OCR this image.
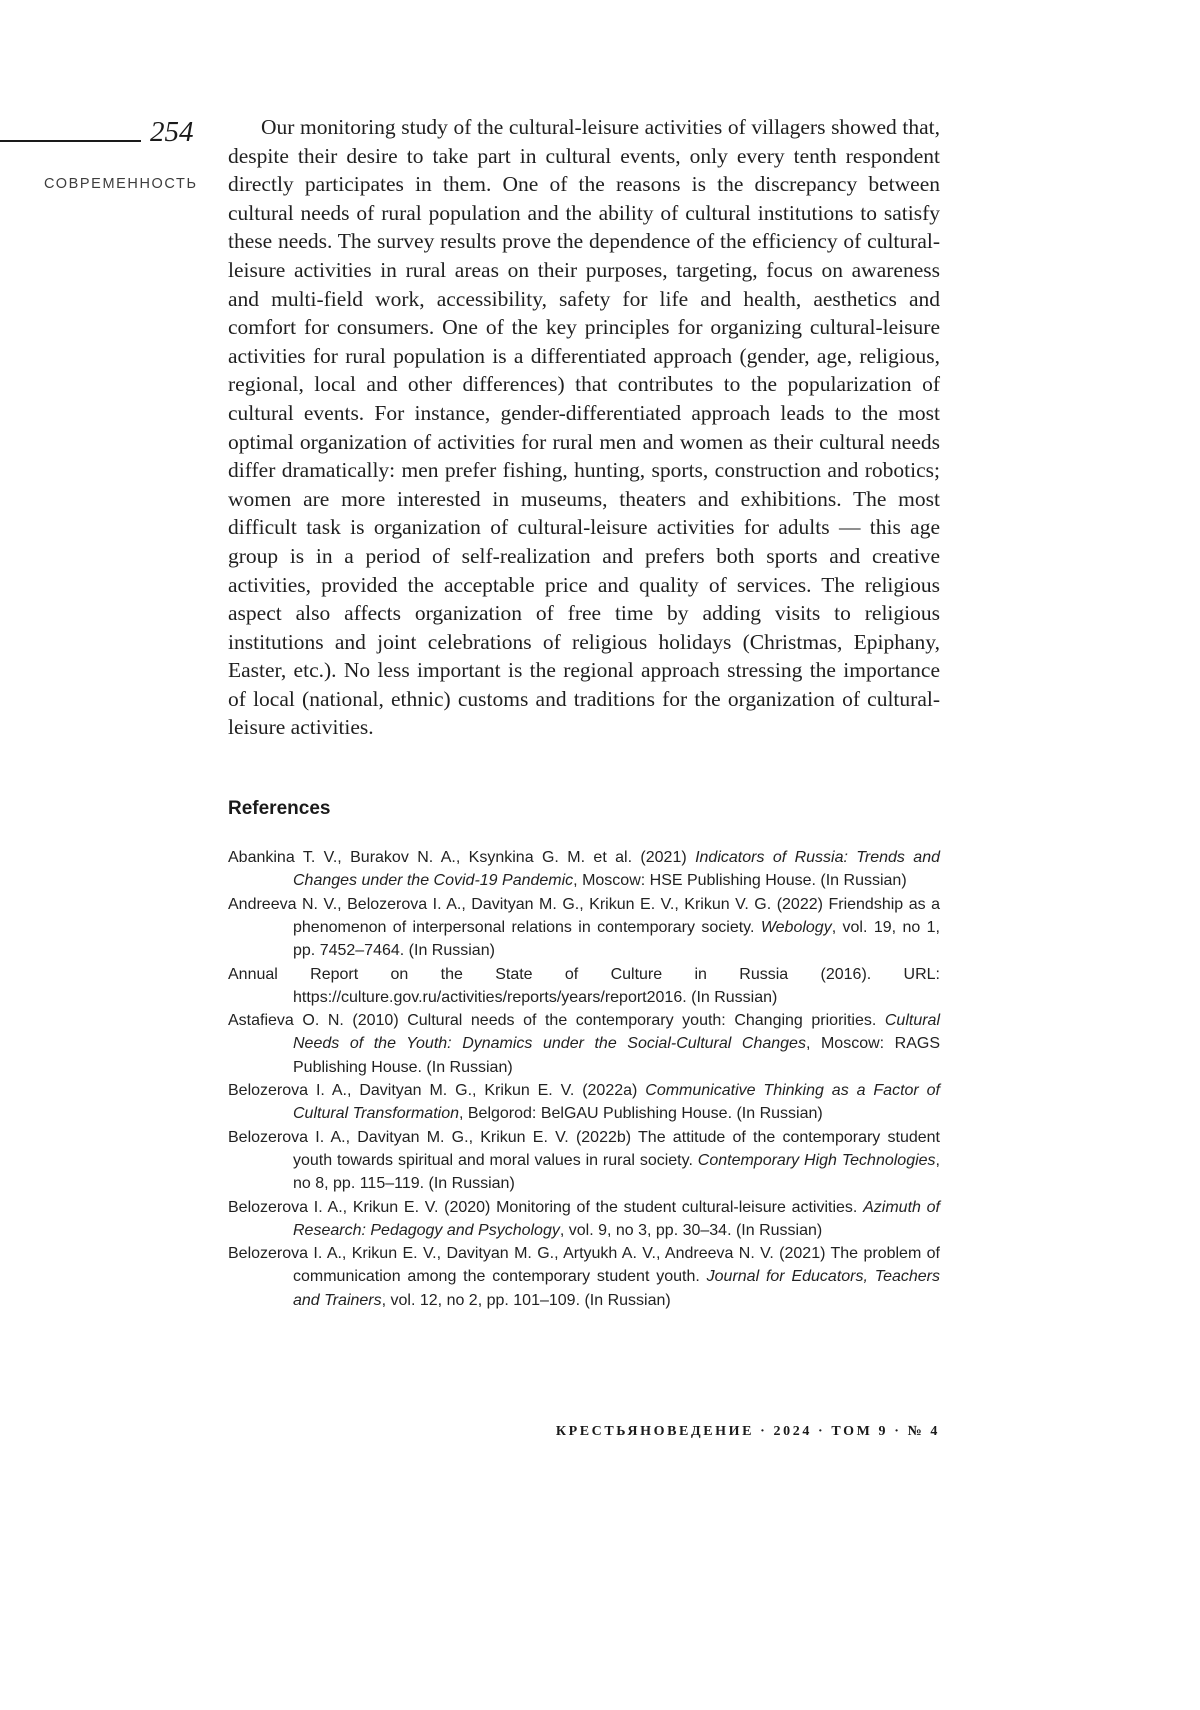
254
СОВРЕМЕННОСТЬ

Our monitoring study of the cultural-leisure activities of villagers showed that, despite their desire to take part in cultural events, only every tenth respondent directly participates in them. One of the reasons is the discrepancy between cultural needs of rural population and the ability of cultural institutions to satisfy these needs. The survey results prove the dependence of the efficiency of cultural-leisure activities in rural areas on their purposes, targeting, focus on awareness and multi-field work, accessibility, safety for life and health, aesthetics and comfort for consumers. One of the key principles for organizing cultural-leisure activities for rural population is a differentiated approach (gender, age, religious, regional, local and other differences) that contributes to the popularization of cultural events. For instance, gender-differentiated approach leads to the most optimal organization of activities for rural men and women as their cultural needs differ dramatically: men prefer fishing, hunting, sports, construction and robotics; women are more interested in museums, theaters and exhibitions. The most difficult task is organization of cultural-leisure activities for adults — this age group is in a period of self-realization and prefers both sports and creative activities, provided the acceptable price and quality of services. The religious aspect also affects organization of free time by adding visits to religious institutions and joint celebrations of religious holidays (Christmas, Epiphany, Easter, etc.). No less important is the regional approach stressing the importance of local (national, ethnic) customs and traditions for the organization of cultural-leisure activities.

References

Abankina T. V., Burakov N. A., Ksynkina G. M. et al. (2021) Indicators of Russia: Trends and Changes under the Covid-19 Pandemic, Moscow: HSE Publishing House. (In Russian)

Andreeva N. V., Belozerova I. A., Davityan M. G., Krikun E. V., Krikun V. G. (2022) Friendship as a phenomenon of interpersonal relations in contemporary society. Webology, vol. 19, no 1, pp. 7452–7464. (In Russian)

Annual Report on the State of Culture in Russia (2016). URL: https://culture.gov.ru/activities/reports/years/report2016. (In Russian)

Astafieva O. N. (2010) Cultural needs of the contemporary youth: Changing priorities. Cultural Needs of the Youth: Dynamics under the Social-Cultural Changes, Moscow: RAGS Publishing House. (In Russian)

Belozerova I. A., Davityan M. G., Krikun E. V. (2022a) Communicative Thinking as a Factor of Cultural Transformation, Belgorod: BelGAU Publishing House. (In Russian)

Belozerova I. A., Davityan M. G., Krikun E. V. (2022b) The attitude of the contemporary student youth towards spiritual and moral values in rural society. Contemporary High Technologies, no 8, pp. 115–119. (In Russian)

Belozerova I. A., Krikun E. V. (2020) Monitoring of the student cultural-leisure activities. Azimuth of Research: Pedagogy and Psychology, vol. 9, no 3, pp. 30–34. (In Russian)

Belozerova I. A., Krikun E. V., Davityan M. G., Artyukh A. V., Andreeva N. V. (2021) The problem of communication among the contemporary student youth. Journal for Educators, Teachers and Trainers, vol. 12, no 2, pp. 101–109. (In Russian)

КРЕСТЬЯНОВЕДЕНИЕ · 2024 · ТОМ 9 · № 4
